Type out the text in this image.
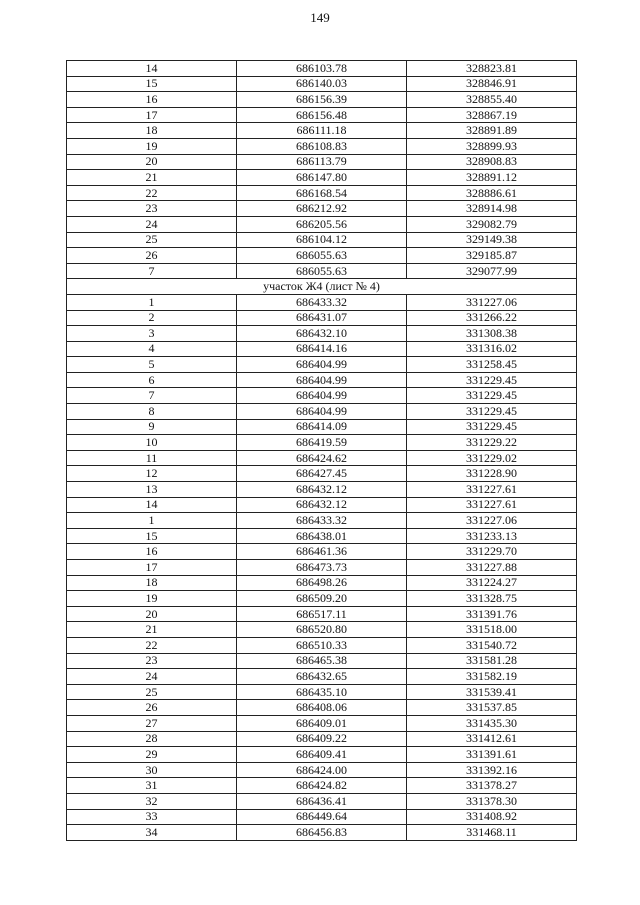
149
14	686103.78	328823.81
15	686140.03	328846.91
16	686156.39	328855.40
17	686156.48	328867.19
18	686111.18	328891.89
19	686108.83	328899.93
20	686113.79	328908.83
21	686147.80	328891.12
22	686168.54	328886.61
23	686212.92	328914.98
24	686205.56	329082.79
25	686104.12	329149.38
26	686055.63	329185.87
7	686055.63	329077.99
участок Ж4 (лист № 4)		
1	686433.32	331227.06
2	686431.07	331266.22
3	686432.10	331308.38
4	686414.16	331316.02
5	686404.99	331258.45
6	686404.99	331229.45
7	686404.99	331229.45
8	686404.99	331229.45
9	686414.09	331229.45
10	686419.59	331229.22
11	686424.62	331229.02
12	686427.45	331228.90
13	686432.12	331227.61
14	686432.12	331227.61
1	686433.32	331227.06
15	686438.01	331233.13
16	686461.36	331229.70
17	686473.73	331227.88
18	686498.26	331224.27
19	686509.20	331328.75
20	686517.11	331391.76
21	686520.80	331518.00
22	686510.33	331540.72
23	686465.38	331581.28
24	686432.65	331582.19
25	686435.10	331539.41
26	686408.06	331537.85
27	686409.01	331435.30
28	686409.22	331412.61
29	686409.41	331391.61
30	686424.00	331392.16
31	686424.82	331378.27
32	686436.41	331378.30
33	686449.64	331408.92
34	686456.83	331468.11
